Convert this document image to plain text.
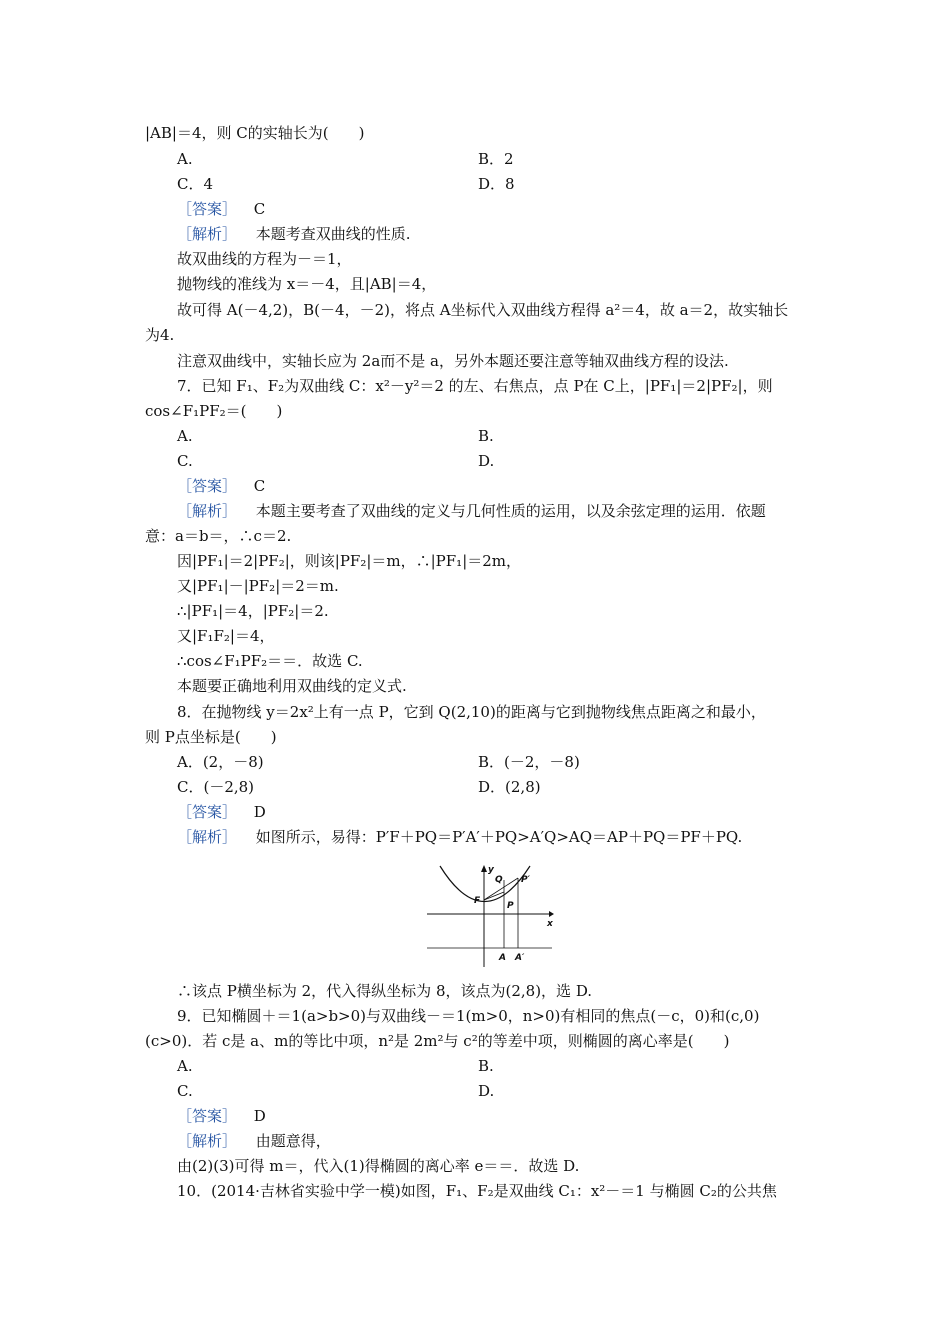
|AB|＝4，则 C的实轴长为(　　)
A.	B．2
C．4	D．8
［答案］ C
［解析］ 本题考查双曲线的性质.
故双曲线的方程为－＝1，
抛物线的准线为 x＝－4，且|AB|＝4，
故可得 A(－4,2)，B(－4，－2)，将点 A坐标代入双曲线方程得 a²＝4，故 a＝2，故实轴长
为4.
注意双曲线中，实轴长应为 2a而不是 a，另外本题还要注意等轴双曲线方程的设法.
7．已知 F₁、F₂为双曲线 C：x²－y²＝2 的左、右焦点，点 P在 C上，|PF₁|＝2|PF₂|，则
cos∠F₁PF₂＝(　　)
A.	B.
C.	D.
［答案］ C
［解析］ 本题主要考查了双曲线的定义与几何性质的运用，以及余弦定理的运用．依题
意：a＝b＝，∴c＝2.
因|PF₁|＝2|PF₂|，则该|PF₂|＝m，∴|PF₁|＝2m，
又|PF₁|－|PF₂|＝2＝m.
∴|PF₁|＝4，|PF₂|＝2.
又|F₁F₂|＝4，
∴cos∠F₁PF₂＝＝．故选 C.
本题要正确地利用双曲线的定义式.
8．在抛物线 y＝2x²上有一点 P，它到 Q(2,10)的距离与它到抛物线焦点距离之和最小，
则 P点坐标是(　　)
A．(2，－8)	B．(－2，－8)
C．(－2,8)	D．(2,8)
［答案］ D
［解析］ 如图所示，易得：P′F＋PQ＝P′A′＋PQ>A′Q>AQ＝AP＋PQ＝PF＋PQ.
y
x
Q P′
F	P
A A′
∴该点 P横坐标为 2，代入得纵坐标为 8，该点为(2,8)，选 D.
9．已知椭圆＋＝1(a>b>0)与双曲线－＝1(m>0，n>0)有相同的焦点(－c，0)和(c,0)
(c>0)．若 c是 a、m的等比中项，n²是 2m²与 c²的等差中项，则椭圆的离心率是(　　)
A.	B.
C.	D.
［答案］ D
［解析］ 由题意得，
由(2)(3)可得 m＝，代入(1)得椭圆的离心率 e＝＝．故选 D.
10．(2014·吉林省实验中学一模)如图，F₁、F₂是双曲线 C₁：x²－＝1 与椭圆 C₂的公共焦
